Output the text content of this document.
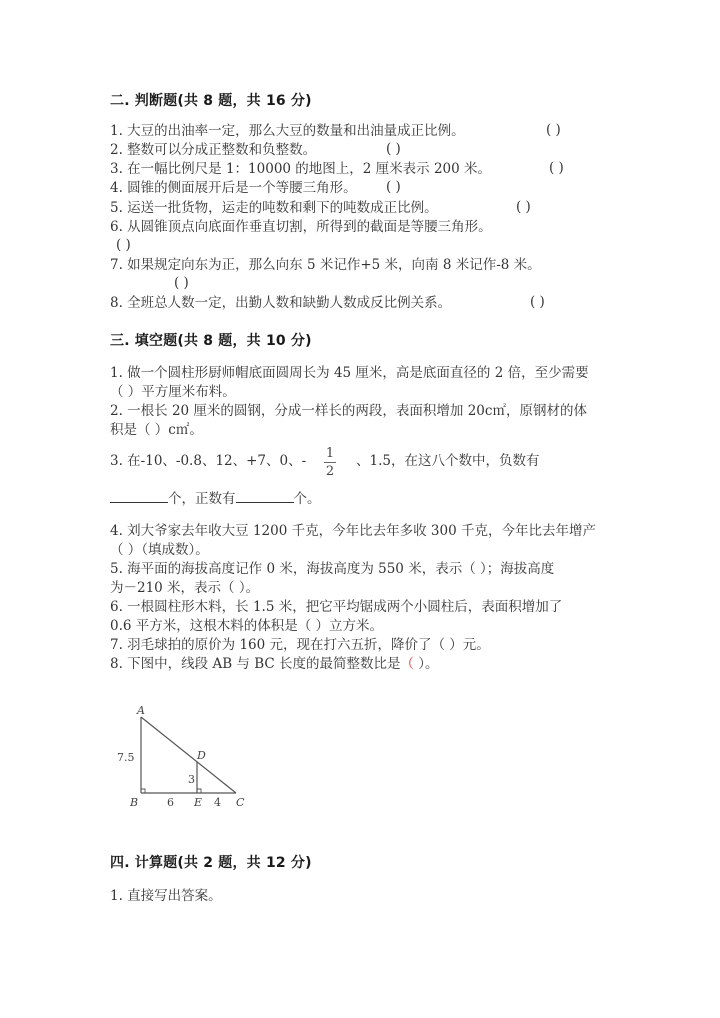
二. 判断题(共 8 题，共 16 分)
1. 大豆的出油率一定，那么大豆的数量和出油量成正比例。	( )
2. 整数可以分成正整数和负整数。	( )
3. 在一幅比例尺是 1：10000 的地图上，2 厘米表示 200 米。	( )
4. 圆锥的侧面展开后是一个等腰三角形。 ( )
5. 运送一批货物，运走的吨数和剩下的吨数成正比例。	( )
6. 从圆锥顶点向底面作垂直切割，所得到的截面是等腰三角形。
( )
7. 如果规定向东为正，那么向东 5 米记作+5 米，向南 8 米记作-8 米。
( )
8. 全班总人数一定，出勤人数和缺勤人数成反比例关系。	( )
三. 填空题(共 8 题，共 10 分)
1. 做一个圆柱形厨师帽底面圆周长为 45 厘米，高是底面直径的 2 倍，至少需要
（ ）平方厘米布料。
2. 一根长 20 厘米的圆钢，分成一样长的两段，表面积增加 20c㎡，原钢材的体
积是（ ）c㎡。
3. 在-10、-0.8、12、+7、0、- 1
2
、1.5，在这八个数中，负数有
个，正数有	个。
4. 刘大爷家去年收大豆 1200 千克，今年比去年多收 300 千克，今年比去年增产
（ ）（填成数）。
5. 海平面的海拔高度记作 0 米，海拔高度为 550 米，表示（ ）；海拔高度
为－210 米，表示（ ）。
6. 一根圆柱形木料，长 1.5 米，把它平均锯成两个小圆柱后，表面积增加了
0.6 平方米，这根木料的体积是（ ）立方米。
7. 羽毛球拍的原价为 160 元，现在打六五折，降价了（ ）元。
8. 下图中，线段 AB 与 BC 长度的最简整数比是（ ）。
A
B	C
D
E
7.5
3
6	4
四. 计算题(共 2 题，共 12 分)
1. 直接写出答案。
